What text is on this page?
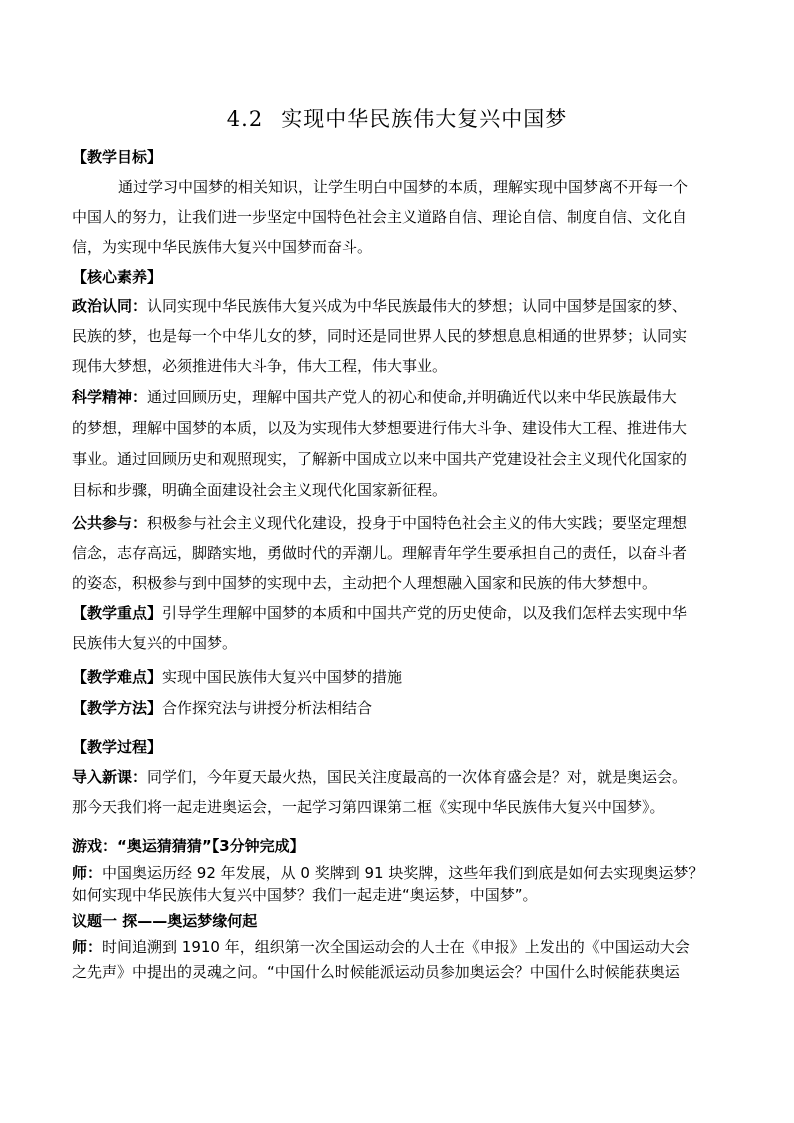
4.2 实现中华民族伟大复兴中国梦
【教学目标】
通过学习中国梦的相关知识，让学生明白中国梦的本质，理解实现中国梦离不开每一个
中国人的努力，让我们进一步坚定中国特色社会主义道路自信、理论自信、制度自信、文化自
信，为实现中华民族伟大复兴中国梦而奋斗。
【核心素养】
政治认同：认同实现中华民族伟大复兴成为中华民族最伟大的梦想；认同中国梦是国家的梦、
民族的梦，也是每一个中华儿女的梦，同时还是同世界人民的梦想息息相通的世界梦；认同实
现伟大梦想，必须推进伟大斗争，伟大工程，伟大事业。
科学精神：通过回顾历史，理解中国共产党人的初心和使命,并明确近代以来中华民族最伟大
的梦想，理解中国梦的本质，以及为实现伟大梦想要进行伟大斗争、建设伟大工程、推进伟大
事业。通过回顾历史和观照现实，了解新中国成立以来中国共产党建设社会主义现代化国家的
目标和步骤，明确全面建设社会主义现代化国家新征程。
公共参与：积极参与社会主义现代化建设，投身于中国特色社会主义的伟大实践；要坚定理想
信念，志存高远，脚踏实地，勇做时代的弄潮儿。理解青年学生要承担自己的责任，以奋斗者
的姿态，积极参与到中国梦的实现中去，主动把个人理想融入国家和民族的伟大梦想中。
【教学重点】引导学生理解中国梦的本质和中国共产党的历史使命，以及我们怎样去实现中华
民族伟大复兴的中国梦。
【教学难点】实现中国民族伟大复兴中国梦的措施
【教学方法】合作探究法与讲授分析法相结合
【教学过程】
导入新课：同学们，今年夏天最火热，国民关注度最高的一次体育盛会是？对，就是奥运会。
那今天我们将一起走进奥运会，一起学习第四课第二框《实现中华民族伟大复兴中国梦》。
游戏：“奥运猜猜猜”【3分钟完成】
师：中国奥运历经 92 年发展，从 0 奖牌到 91 块奖牌，这些年我们到底是如何去实现奥运梦？
如何实现中华民族伟大复兴中国梦？我们一起走进“奥运梦，中国梦”。
议题一 探——奥运梦缘何起
师：时间追溯到 1910 年，组织第一次全国运动会的人士在《申报》上发出的《中国运动大会
之先声》中提出的灵魂之问。“中国什么时候能派运动员参加奥运会？中国什么时候能获奥运
